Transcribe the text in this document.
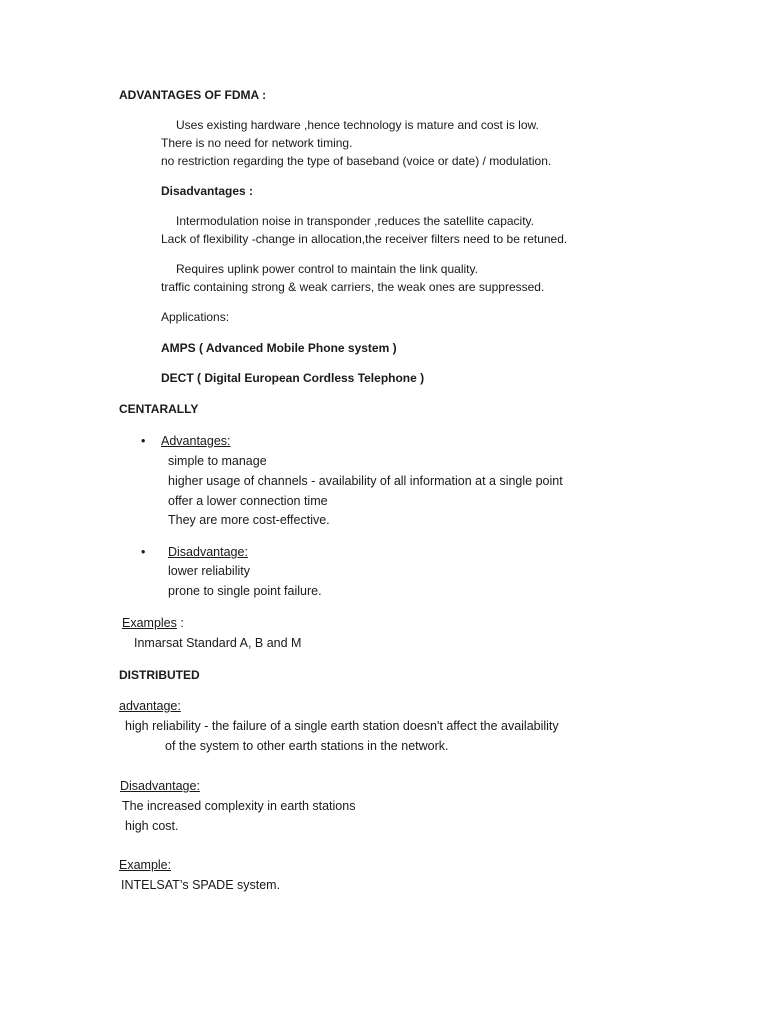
ADVANTAGES OF FDMA :
Uses existing hardware ,hence technology is mature and cost is low.
There is no need for network timing.
no restriction regarding the type of baseband (voice or date) / modulation.
Disadvantages :
Intermodulation noise in transponder ,reduces the satellite capacity.
Lack of flexibility -change in allocation,the receiver filters need to be retuned.
Requires uplink power control to maintain the link quality.
traffic containing strong & weak carriers, the weak ones are suppressed.
Applications:
AMPS ( Advanced Mobile Phone system )
DECT ( Digital European Cordless Telephone )
CENTARALLY
• Advantages:
simple to manage
higher usage of channels - availability of all information at a single point
offer a lower connection time
They are more cost-effective.
• Disadvantage:
lower reliability
prone to single point failure.
Examples :
Inmarsat Standard A, B and M
DISTRIBUTED
advantage:
high reliability - the failure of a single earth station doesn't affect the availability
of the system to other earth stations in the network.
Disadvantage:
The increased complexity in earth stations
high cost.
Example:
INTELSAT’s SPADE system.
